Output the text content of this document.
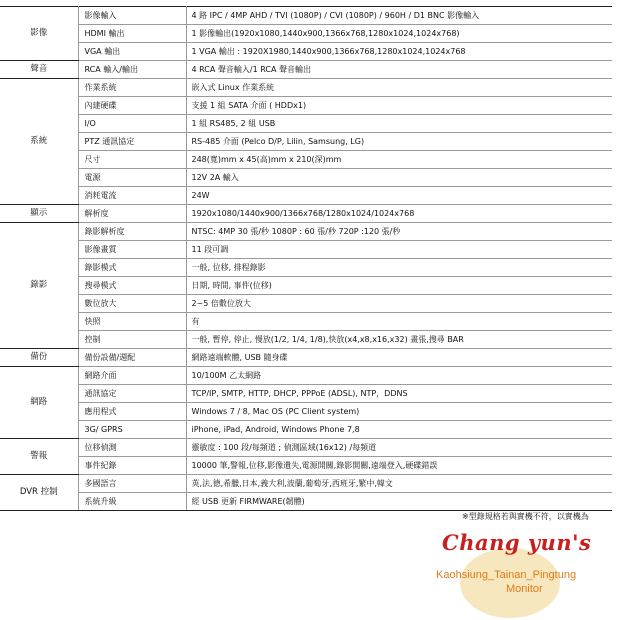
影像	影像輸入	4 路 IPC / 4MP AHD / TVI (1080P) / CVI (1080P) / 960H / D1 BNC 影像輸入
	HDMI 輸出	1 影像輸出(1920x1080,1440x900,1366x768,1280x1024,1024x768)
	VGA 輸出	1 VGA 輸出 : 1920X1980,1440x900,1366x768,1280x1024,1024x768
聲音	RCA 輸入/輸出	4 RCA 聲音輸入/1 RCA 聲音輸出
系統	作業系統	嵌入式 Linux 作業系統
	內建硬碟	支援 1 組 SATA 介面 ( HDDx1)
	I/O	1 組 RS485, 2 組 USB
	PTZ 通訊協定	RS-485 介面 (Pelco D/P, Lilin, Samsung, LG)
	尺寸	248(寬)mm x 45(高)mm x 210(深)mm
	電源	12V 2A 輸入
	消耗電流	24W
顯示	解析度	1920x1080/1440x900/1366x768/1280x1024/1024x768
錄影	錄影解析度	NTSC: 4MP 30 張/秒 1080P : 60 張/秒 720P :120 張/秒
	影像畫質	11 段可調
	錄影模式	一般, 位移, 排程錄影
	搜尋模式	日期, 時間, 事件(位移)
	數位放大	2~5 倍數位放大
	快照	有
	控制	一般, 暫停, 停止, 慢放(1/2, 1/4, 1/8),快放(x4,x8,x16,x32) 畫張,搜尋 BAR
備份	備份設備/週配	網路遠端軟體, USB 隨身碟
網路	網路介面	10/100M 乙太網路
	通訊協定	TCP/IP, SMTP, HTTP, DHCP, PPPoE (ADSL), NTP，DDNS
	應用程式	Windows 7 / 8, Mac OS (PC Client system)
	3G/ GPRS	iPhone, iPad, Android, Windows Phone 7,8
警報	位移偵測	靈敏度 : 100 段/每頻道 ; 偵測區域(16x12) /每頻道
	事件紀錄	10000 筆,警報,位移,影像遺失,電源開關,錄影開關,遠端登入,硬碟錯誤
DVR 控制	多國語言	英,法,德,希臘,日本,義大利,波蘭,葡萄牙,西班牙,繁中,韓文
	系統升級	經 USB 更新 FIRMWARE(韌體)
※型錄規格若與實機不符，以實機為
Chang yun's
Kaohsiung_Tainan_Pingtung
Monitor
